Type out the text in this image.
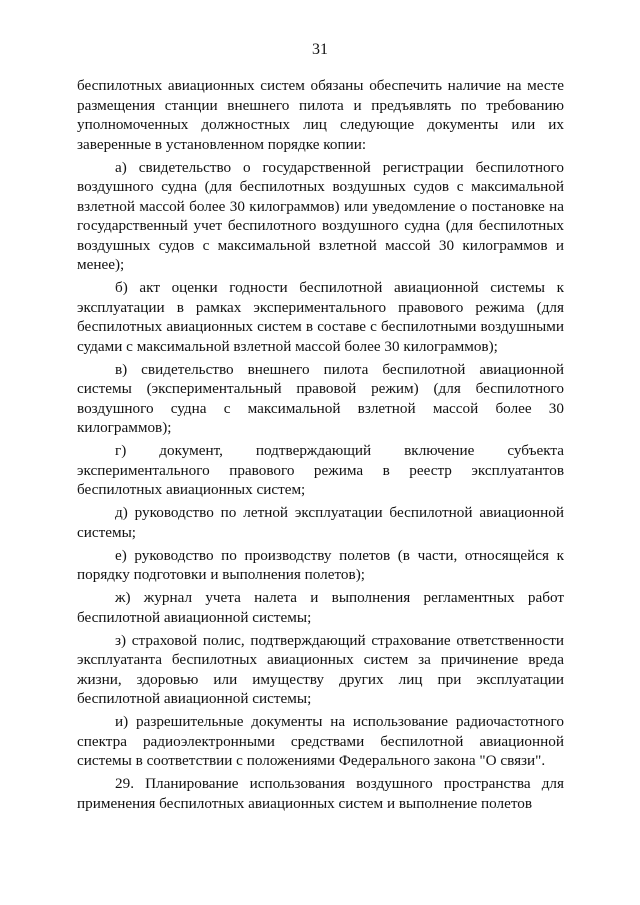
31

беспилотных авиационных систем обязаны обеспечить наличие на месте размещения станции внешнего пилота и предъявлять по требованию уполномоченных должностных лиц следующие документы или их заверенные в установленном порядке копии:

а) свидетельство о государственной регистрации беспилотного воздушного судна (для беспилотных воздушных судов с максимальной взлетной массой более 30 килограммов) или уведомление о постановке на государственный учет беспилотного воздушного судна (для беспилотных воздушных судов с максимальной взлетной массой 30 килограммов и менее);

б) акт оценки годности беспилотной авиационной системы к эксплуатации в рамках экспериментального правового режима (для беспилотных авиационных систем в составе с беспилотными воздушными судами с максимальной взлетной массой более 30 килограммов);

в) свидетельство внешнего пилота беспилотной авиационной системы (экспериментальный правовой режим) (для беспилотного воздушного судна с максимальной взлетной массой более 30 килограммов);

г) документ, подтверждающий включение субъекта экспериментального правового режима в реестр эксплуатантов беспилотных авиационных систем;

д) руководство по летной эксплуатации беспилотной авиационной системы;

е) руководство по производству полетов (в части, относящейся к порядку подготовки и выполнения полетов);

ж) журнал учета налета и выполнения регламентных работ беспилотной авиационной системы;

з) страховой полис, подтверждающий страхование ответственности эксплуатанта беспилотных авиационных систем за причинение вреда жизни, здоровью или имуществу других лиц при эксплуатации беспилотной авиационной системы;

и) разрешительные документы на использование радиочастотного спектра радиоэлектронными средствами беспилотной авиационной системы в соответствии с положениями Федерального закона "О связи".

29. Планирование использования воздушного пространства для применения беспилотных авиационных систем и выполнение полетов
